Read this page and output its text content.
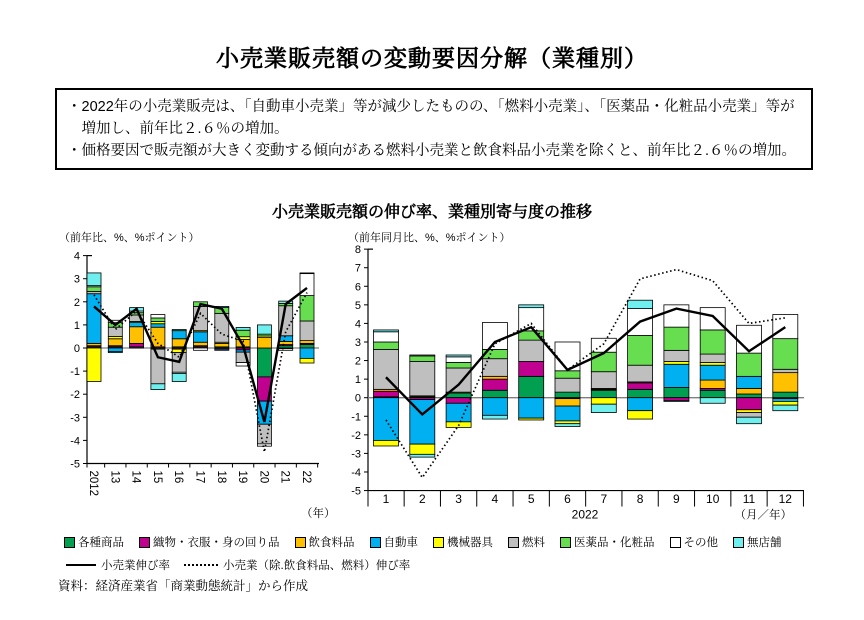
小売業販売額の変動要因分解（業種別）

・2022年の小売業販売は、「自動車小売業」等が減少したものの、「燃料小売業」、「医薬品・化粧品小売業」等が増加し、前年比２.６％の増加。

・価格要因で販売額が大きく変動する傾向がある燃料小売業と飲食料品小売業を除くと、前年比２.６％の増加。

小売業販売額の伸び率、業種別寄与度の推移
（前年比、%、%ポイント）
4
3
2
1
0
-1
-2
-3
-4
-5
2012 13 14 15 16 17 18 19 20 21 22
（年）
（前年同月比、%、%ポイント）
8
7
6
5
4
3
2
1
0
-1
-2
-3
-4
-5
1 2 3 4 5 6 7 8 9 10 11 12
2022	（月／年）
各種商品	織物・衣服・身の回り品	飲食料品	自動車	機械器具	燃料	医薬品・化粧品	その他	無店舗
小売業伸び率	小売業（除.飲食料品、燃料）伸び率
資料：経済産業省「商業動態統計」から作成
